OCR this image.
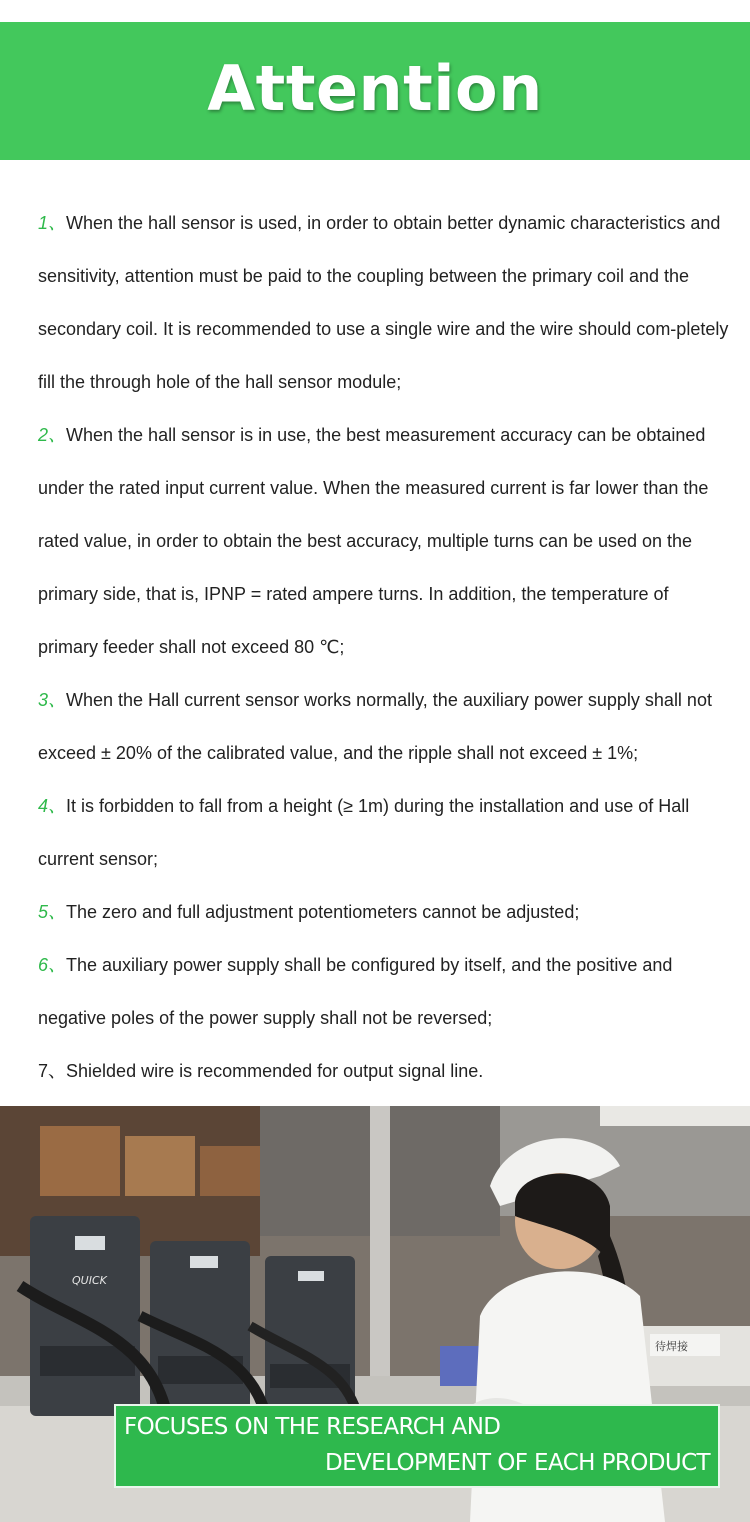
Attention

1、When the hall sensor is used, in order to obtain better dynamic characteristics and sensitivity, attention must be paid to the coupling between the primary coil and the secondary coil. It is recommended to use a single wire and the wire should com-pletely fill the through hole of the hall sensor module;

2、When the hall sensor is in use, the best measurement accuracy can be obtained under the rated input current value. When the measured current is far lower than the rated value, in order to obtain the best accuracy, multiple turns can be used on the primary side, that is, IPNP = rated ampere turns. In addition, the temperature of primary feeder shall not exceed 80 ℃;

3、When the Hall current sensor works normally, the auxiliary power supply shall not exceed ± 20% of the calibrated value, and the ripple shall not exceed ± 1%;

4、It is forbidden to fall from a height (≥ 1m) during the installation and use of Hall current sensor;

5、The zero and full adjustment potentiometers cannot be adjusted;

6、The auxiliary power supply shall be configured by itself, and the positive and negative poles of the power supply shall not be reversed;

7、Shielded wire is recommended for output signal line.

QUICK
待焊接
FOCUSES ON THE RESEARCH AND
DEVELOPMENT OF EACH PRODUCT
